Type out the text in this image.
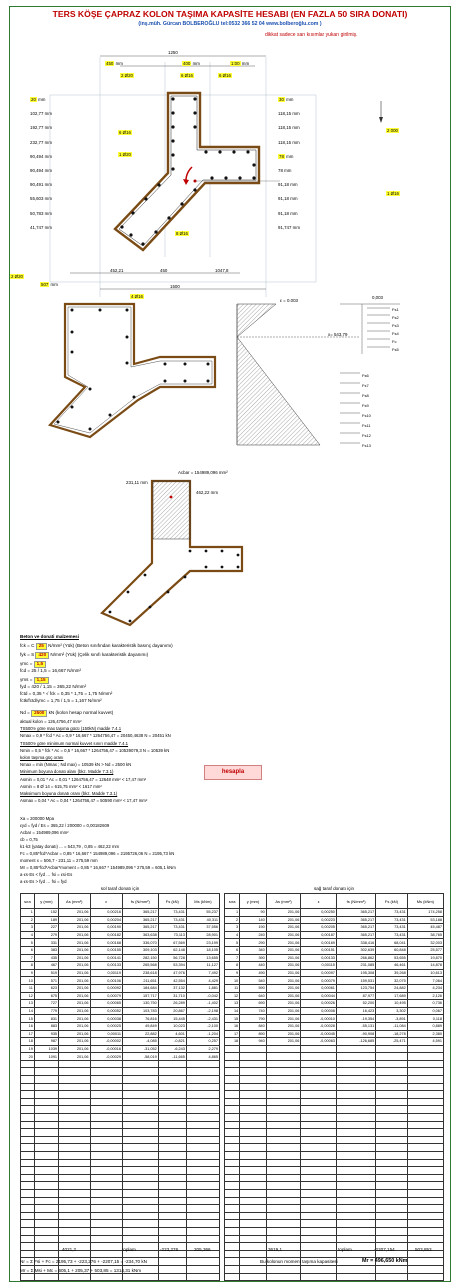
TERS KÖŞE ÇAPRAZ KOLON TAŞIMA KAPASİTE HESABI (EN FAZLA 50 SIRA DONATI)
(inş.müh. Gürcan BOLBEROĞLU tel:0532 366 52 04 www.bolberoğlu.com )
dikkat sadece sarı kısımlar yukarı girilmiş.
1250
450 mm	400 mm	1:00 mm
2 Ø20	6 Ø16	6 Ø16
20 mm
102,77 mm
192,77 mm
232,77 mm
90,494 mm
90,494 mm
90,491 mm
55,603 mm
50,783 mm
41,747 mm
30 mm
118,15 mm
118,15 mm
118,15 mm
78 mm
78 mm
91,18 mm
91,18 mm
91,18 mm
91,747 mm
2 000
1 Ø16
6 Ø16
1 Ø20
8 Ø16
4 Ø16
2 Ø20
507 mm
452,21	450	1047,8
1500
ε = 0.003
0,003
x= 543,79
Fs1
Fs2
Fs3
Fs4
Fc
Fs5
Fs6
Fs7
Fs8
Fs9
Fs10
Fs11
Fs12
Fs13
Acbar = 154989,096 mm²
231,11 mm
462,22 mm
Beton ve donati malzemesi
fck = C 25 N/mm² (Yük) (Beton sınıfından karakteristik basınç dayanımı)
fyk = S 420 N/mm² (Yük) (Çelik sınıfı karakteristik dayanımı)
γmc = 1,5
fcd = 25 / 1,5 = 16,667 N/mm²
γms = 1,15
fyd = 420 / 1,15 = 365,22 N/mm²
fctd = 0,35 * √ fck = 0,35 * 1,75 = 1,75 N/mm²
fctk/fctd/γmc = 1,75 / 1,5 = 1,167 N/mm²
Nd = 2500 kN (kolon hesap normal kuvvet)
aktual kolon = 126,4756,47 mm²
TS500'e göre max taşıma gücü (150kN) madde 7.4.1
Nmax = 0,9 * fcd * Ac = 0,9 * 16,667 * 1264756,47 = 20450,4638 N = 20451 kN
TS500'e göre minimum normal kuvvet sınırı madde 7.4.1
Nmin = 0,5 * fck * Ac = 0,5 * 16,667 * 1264756,47 = 10539079,3 N = 10539 kN
kolon taşıma güç oranı
Nmax = min (Nmax ; Nd max) = 10539 kN > Nd = 2500 kN
Minimum boyuna donatı alanı (bkz. Madde 7.3.1)
Asmin = 0,01 * Ac = 0,01 * 1264756,47 = 12648 mm² < 17,47 mm²
Asmin = 8 Ø 14 = 615,75 mm² < 1617 mm²
Maksimum boyuna donatı oranı (bkz. Madde 7.3.1)
Asmax = 0,04 * Ac = 0,04 * 1264756,47 = 50590 mm² < 17,47 mm²
Xa = 200000 Mpa
εyd = fyd / Es = 365,22 / 200000 = 0,00182609
Acbar = 154989,096 mm²
cb = 0,75
k1·k3 (yatay donatı) ... = 543,79 , 0,85 = 462,22 mm
Fc = 0,85*fcd*Acbar = 0,85 * 16,667 * 154989,096 = 2195726,06 N = 2195,73 kN
moment x = 506,7 - 231,11 = 275,59 mm
Mr = 0,85*fcd*Acbar*moment = 0,85 * 16,667 * 154989,096 * 275,59 = 605,1 kNm
a·εs·Es < fyd … fsi = εsi·Es
a·εs·Es > fyd … fsi = fyd
hesapla
sol taraf donatı için	sağ taraf donatı için
sıra	y (mm)	As (mm²)	ε	fs (N/mm²)	Fs (kN)	Ms (kNm)
1	152	201,06	0,00216	365,217	73,431	55,237
2	189	201,06	0,00204	365,217	73,431	40,311
3	227	201,06	0,00190	365,217	73,431	37,556
4	279	201,06	0,00182	363,638	73,113	28,901
5	331	201,06	0,00168	336,070	67,569	23,199
6	383	201,06	0,00155	309,103	62,148	18,105
7	435	201,06	0,00141	282,150	56,728	13,655
8	467	201,06	0,00133	265,568	53,394	11,127
9	519	201,06	0,00119	238,618	47,976	7,492
10	571	201,06	0,00106	211,651	42,554	4,429
11	623	201,06	0,00092	184,684	37,132	1,881
12	675	201,06	0,00079	157,717	31,710	-0,042
13	727	201,06	0,00065	130,750	26,289	-1,402
14	779	201,06	0,00052	103,783	20,867	-2,198
15	831	201,06	0,00038	76,816	15,445	-2,431
16	883	201,06	0,00025	49,849	10,023	-2,100
17	935	201,06	0,00011	22,882	4,601	-1,204
18	987	201,06	-0,00002	-4,085	-0,821	0,257
19	1039	201,06	-0,00016	-31,052	-6,243	2,279
20	1091	201,06	-0,00029	-58,019	-11,665	4,865

sıra	y (mm)	As (mm²)	ε	fs (N/mm²)	Fs (kN)	Ms (kNm)
1	90	201,06	0,00250	365,217	73,431	174,258
2	140	201,06	0,00223	365,217	73,431	53,188
3	190	201,06	0,00205	365,217	73,431	45,487
4	240	201,06	0,00187	365,217	73,431	38,765
5	290	201,06	0,00169	338,416	68,041	32,003
6	340	201,06	0,00151	302,639	60,848	25,577
7	390	201,06	0,00133	266,862	53,655	19,870
8	440	201,06	0,00115	231,085	46,461	14,878
9	490	201,06	0,00097	195,308	39,268	10,613
10	540	201,06	0,00079	159,531	32,075	7,064
11	590	201,06	0,00061	123,754	24,882	4,234
12	640	201,06	0,00044	87,977	17,689	2,126
13	690	201,06	0,00026	52,200	10,495	0,736
14	740	201,06	0,00008	16,423	3,302	0,067
15	790	201,06	-0,00010	-19,354	-3,891	0,118
16	840	201,06	-0,00028	-55,131	-11,084	0,889
17	890	201,06	-0,00045	-90,908	-18,278	2,380
18	940	201,06	-0,00063	-126,685	-25,471	4,591

4021,2	toplam	-223,276	205,366	3619,1	toplam	-2207,154	503,853
Nr = Σ Fsi + Fc = 2195,73 + -223,276 + -2207,15 = -234,70 kN
Mr = Σ Msi + Mc = 605,1 + 205,37 + 503,85 = 1314,31 kNm
Bu kolonun moment taşıma kapasitesi	Mr = 496,650 kNm
